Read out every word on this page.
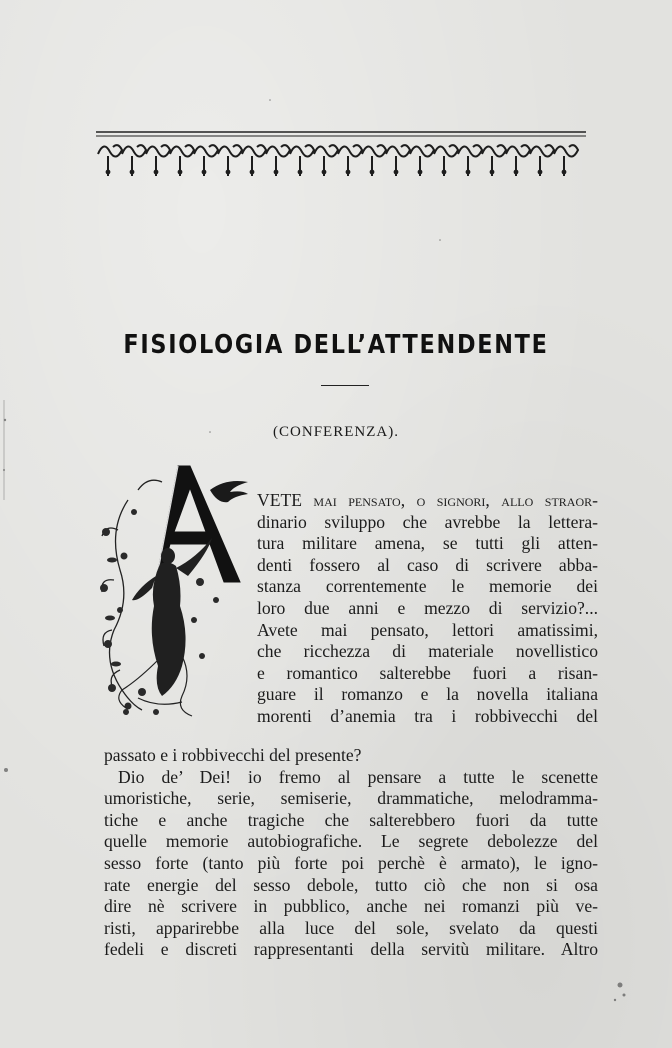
FISIOLOGIA DELL’ATTENDENTE
(CONFERENZA).
VETE mai pensato, o signori, allo straor-
dinario sviluppo che avrebbe la lettera-
tura militare amena, se tutti gli atten-
denti fossero al caso di scrivere abba-
stanza correntemente le memorie dei
loro due anni e mezzo di servizio?...
Avete mai pensato, lettori amatissimi,
che ricchezza di materiale novellistico
e romantico salterebbe fuori a risan-
guare il romanzo e la novella italiana
morenti d’anemia tra i robbivecchi del
passato e i robbivecchi del presente?
Dio de’ Dei! io fremo al pensare a tutte le scenette
umoristiche, serie, semiserie, drammatiche, melodramma-
tiche e anche tragiche che salterebbero fuori da tutte
quelle memorie autobiografiche. Le segrete debolezze del
sesso forte (tanto più forte poi perchè è armato), le igno-
rate energie del sesso debole, tutto ciò che non si osa
dire nè scrivere in pubblico, anche nei romanzi più ve-
risti, apparirebbe alla luce del sole, svelato da questi
fedeli e discreti rappresentanti della servitù militare. Altro
